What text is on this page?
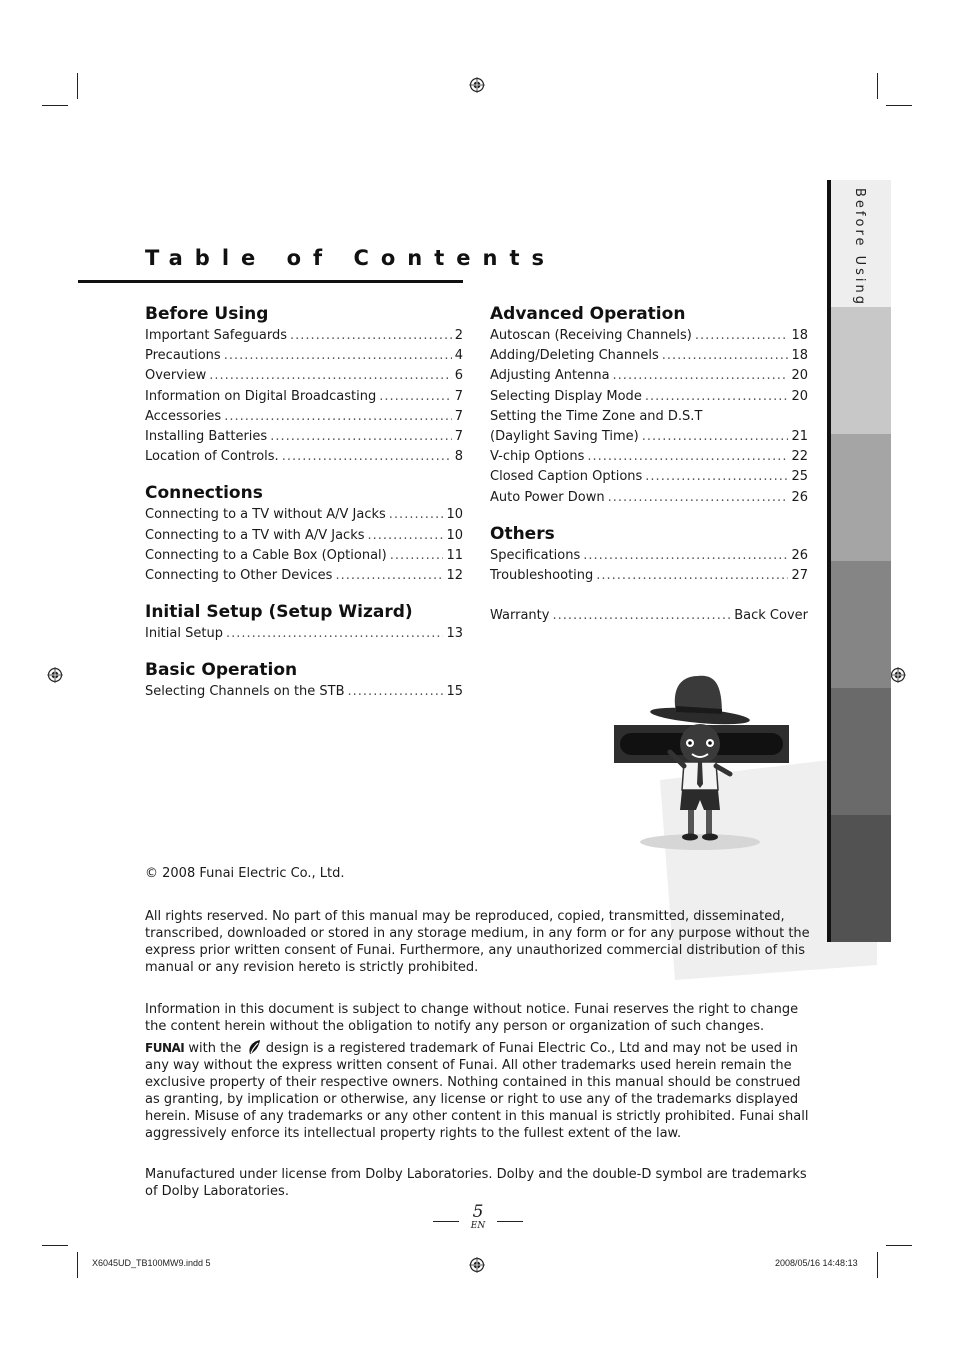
Table of Contents
Before Using
Important Safeguards .....	2
Precautions .....	4
Overview .....	6
Information on Digital Broadcasting .....	7
Accessories .....	7
Installing Batteries .....	7
Location of Controls. .....	8
Connections
Connecting to a TV without A/V Jacks .....	10
Connecting to a TV with A/V Jacks .....	10
Connecting to a Cable Box (Optional) .....	11
Connecting to Other Devices .....	12
Initial Setup (Setup Wizard)
Initial Setup .....	13
Basic Operation
Selecting Channels on the STB .....	15
Advanced Operation
Autoscan (Receiving Channels) .....	18
Adding/Deleting Channels .....	18
Adjusting Antenna .....	20
Selecting Display Mode .....	20
Setting the Time Zone and D.S.T
(Daylight Saving Time) .....	21
V-chip Options .....	22
Closed Caption Options .....	25
Auto Power Down .....	26
Others
Specifications .....	26
Troubleshooting .....	27
Warranty .....	Back Cover
Before Using
© 2008 Funai Electric Co., Ltd.
All rights reserved. No part of this manual may be reproduced, copied, transmitted, disseminated, transcribed, downloaded or stored in any storage medium, in any form or for any purpose without the express prior written consent of Funai. Furthermore, any unauthorized commercial distribution of this manual or any revision hereto is strictly prohibited.
Information in this document is subject to change without notice. Funai reserves the right to change the content herein without the obligation to notify any person or organization of such changes.
FUNAI with the  design is a registered trademark of Funai Electric Co., Ltd and may not be used in any way without the express written consent of Funai. All other trademarks used herein remain the exclusive property of their respective owners. Nothing contained in this manual should be construed as granting, by implication or otherwise, any license or right to use any of the trademarks displayed herein. Misuse of any trademarks or any other content in this manual is strictly prohibited. Funai shall aggressively enforce its intellectual property rights to the fullest extent of the law.
Manufactured under license from Dolby Laboratories. Dolby and the double-D symbol are trademarks of Dolby Laboratories.
5
EN
X6045UD_TB100MW9.indd 5	2008/05/16 14:48:13
